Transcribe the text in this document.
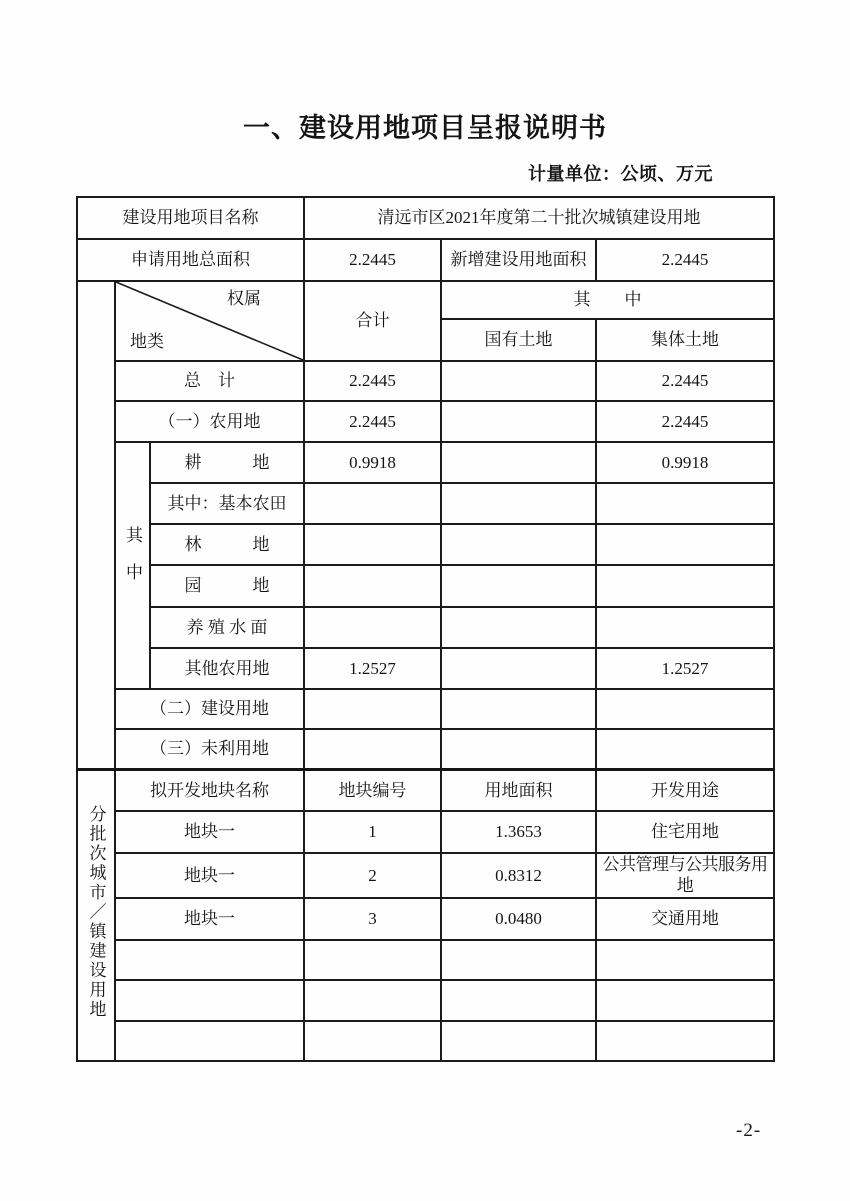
一、建设用地项目呈报说明书
计量单位：公顷、万元
建设用地项目名称			清远市区2021年度第二十批次城镇建设用地		
申请用地总面积			2.2445	新增建设用地面积	2.2445

	权属
地类		合计	其　　中	
				国有土地	集体土地
	总　计		2.2445		2.2445
	（一）农用地		2.2445		2.2445
	其中	耕　　　地	0.9918		0.9918
		其中：基本农田			
		林　　　地			
		园　　　地			
		养 殖 水 面			
		其他农用地	1.2527		1.2527
	（二）建设用地				
	（三）未利用地				
分批次城市／镇建设用地	拟开发地块名称		地块编号	用地面积	开发用途
	地块一		1	1.3653	住宅用地
	地块一		2	0.8312	公共管理与公共服务用地
	地块一		3	0.0480	交通用地

-2-
